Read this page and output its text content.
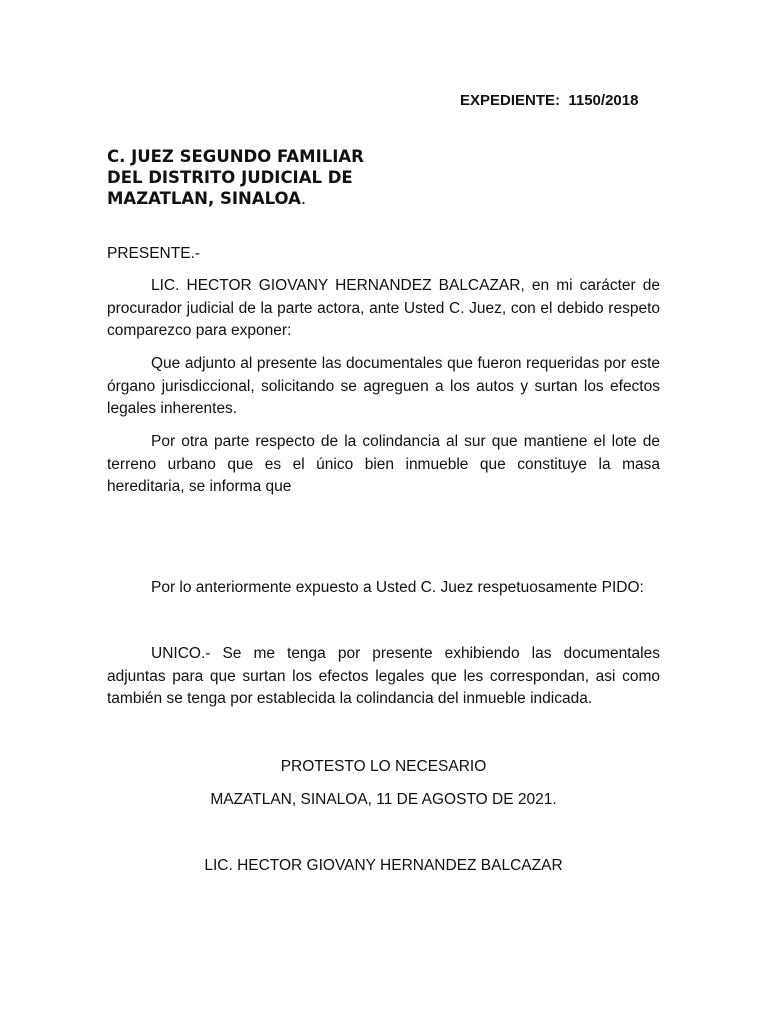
EXPEDIENTE:  1150/2018
C. JUEZ SEGUNDO FAMILIAR
DEL DISTRITO JUDICIAL DE
MAZATLAN, SINALOA.
PRESENTE.-
LIC. HECTOR GIOVANY HERNANDEZ BALCAZAR, en mi carácter de procurador judicial de la parte actora, ante Usted C. Juez, con el debido respeto comparezco para exponer:
Que adjunto al presente las documentales que fueron requeridas por este órgano jurisdiccional, solicitando se agreguen a los autos y surtan los efectos legales inherentes.
Por otra parte respecto de la colindancia al sur que mantiene el lote de terreno urbano que es el único bien inmueble que constituye la masa hereditaria, se informa que
Por lo anteriormente expuesto a Usted C. Juez respetuosamente PIDO:
UNICO.- Se me tenga por presente exhibiendo las documentales adjuntas para que surtan los efectos legales que les correspondan, asi como también se tenga por establecida la colindancia del inmueble indicada.
PROTESTO LO NECESARIO
MAZATLAN, SINALOA, 11 DE AGOSTO DE 2021.
LIC. HECTOR GIOVANY HERNANDEZ BALCAZAR
